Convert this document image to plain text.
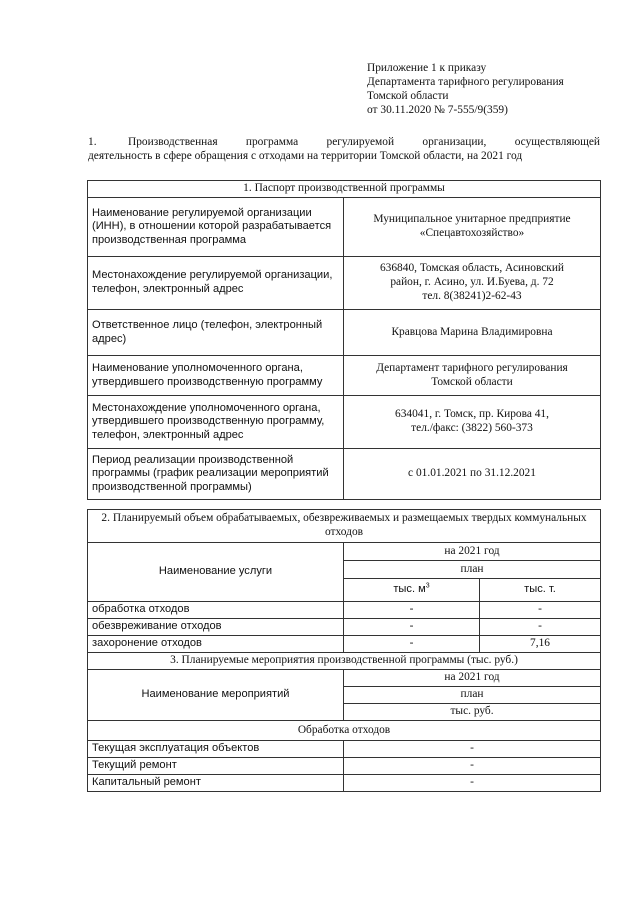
Приложение 1 к приказу
Департамента тарифного регулирования
Томской области
от 30.11.2020 № 7-555/9(359)
1.	Производственная программа регулируемой организации, осуществляющей
деятельность в сфере обращения с отходами на территории Томской области, на 2021 год
1. Паспорт производственной программы	
Наименование регулируемой организации (ИНН), в отношении которой разрабатывается производственная программа	Муниципальное унитарное предприятие
«Спецавтохозяйство»

Местонахождение регулируемой организации, телефон, электронный адрес	636840, Томская область, Асиновский
район, г. Асино, ул. И.Буева, д. 72
тел. 8(38241)2-62-43

Ответственное лицо (телефон, электронный адрес)	Кравцова Марина Владимировна

Наименование уполномоченного органа, утвердившего производственную программу	Департамент тарифного регулирования
Томской области

Местонахождение уполномоченного органа, утвердившего производственную программу, телефон, электронный адрес	634041, г. Томск, пр. Кирова 41,
тел./факс: (3822) 560-373

Период реализации производственной программы (график реализации мероприятий производственной программы)	с 01.01.2021 по 31.12.2021
2. Планируемый объем обрабатываемых, обезвреживаемых и размещаемых твердых коммунальных отходов		
Наименование услуги	на 2021 год	
	план	
	тыс. $м^3$	тыс. т.
обработка отходов	-	-
обезвреживание отходов	-	-
захоронение отходов	-	7,16
3. Планируемые мероприятия производственной программы (тыс. руб.)		
Наименование мероприятий	на 2021 год	
	план	
	тыс. руб.	
Обработка отходов		
Текущая эксплуатация объектов	-	
Текущий ремонт	-	
Капитальный ремонт	-	
